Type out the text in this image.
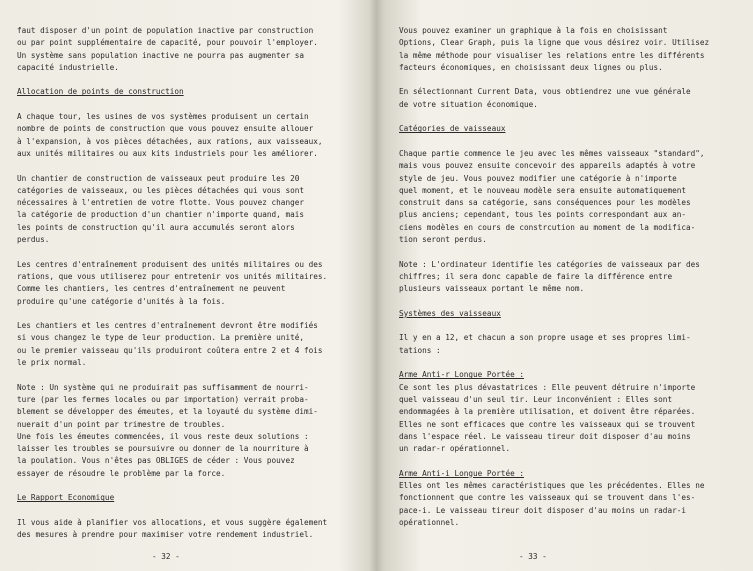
faut disposer d'un point de population inactive par construction
ou par point supplémentaire de capacité, pour pouvoir l'employer.
Un système sans population inactive ne pourra pas augmenter sa
capacité industrielle.

Allocation de points de construction

A chaque tour, les usines de vos systèmes produisent un certain
nombre de points de construction que vous pouvez ensuite allouer
à l'expansion, à vos pièces détachées, aux rations, aux vaisseaux,
aux unités militaires ou aux kits industriels pour les améliorer.

Un chantier de construction de vaisseaux peut produire les 20
catégories de vaisseaux, ou les pièces détachées qui vous sont
nécessaires à l'entretien de votre flotte. Vous pouvez changer
la catégorie de production d'un chantier n'importe quand, mais
les points de construction qu'il aura accumulés seront alors
perdus.

Les centres d'entraînement produisent des unités militaires ou des
rations, que vous utiliserez pour entretenir vos unités militaires.
Comme les chantiers, les centres d'entraînement ne peuvent
produire qu'une catégorie d'unités à la fois.

Les chantiers et les centres d'entraînement devront être modifiés
si vous changez le type de leur production. La première unité,
ou le premier vaisseau qu'ils produiront coûtera entre 2 et 4 fois
le prix normal.

Note : Un système qui ne produirait pas suffisamment de nourri-
ture (par les fermes locales ou par importation) verrait proba-
blement se développer des émeutes, et la loyauté du système dimi-
nuerait d'un point par trimestre de troubles.
Une fois les émeutes commencées, il vous reste deux solutions :
laisser les troubles se poursuivre ou donner de la nourriture à
la poulation. Vous n'êtes pas OBLIGES de céder : Vous pouvez
essayer de résoudre le problème par la force.

Le Rapport Economique

Il vous aide à planifier vos allocations, et vous suggère également
des mesures à prendre pour maximiser votre rendement industriel.

- 32 -

Vous pouvez examiner un graphique à la fois en choisissant
Options, Clear Graph, puis la ligne que vous désirez voir. Utilisez
la même méthode pour visualiser les relations entre les différents
facteurs économiques, en choisissant deux lignes ou plus.

En sélectionnant Current Data, vous obtiendrez une vue générale
de votre situation économique.

Catégories de vaisseaux

Chaque partie commence le jeu avec les mêmes vaisseaux "standard",
mais vous pouvez ensuite concevoir des appareils adaptés à votre
style de jeu. Vous pouvez modifier une catégorie à n'importe
quel moment, et le nouveau modèle sera ensuite automatiquement
construit dans sa catégorie, sans conséquences pour les modèles
plus anciens; cependant, tous les points correspondant aux an-
ciens modèles en cours de constrcution au moment de la modifica-
tion seront perdus.

Note : L'ordinateur identifie les catégories de vaisseaux par des
chiffres; il sera donc capable de faire la différence entre
plusieurs vaisseaux portant le même nom.

Systèmes des vaisseaux

Il y en a 12, et chacun a son propre usage et ses propres limi-
tations :

Arme Anti-r Longue Portée :

Ce sont les plus dévastatrices : Elle peuvent détruire n'importe
quel vaisseau d'un seul tir. Leur inconvénient : Elles sont
endommagées à la première utilisation, et doivent être réparées.
Elles ne sont efficaces que contre les vaisseaux qui se trouvent
dans l'espace réel. Le vaisseau tireur doit disposer d'au moins
un radar-r opérationnel.

Arme Anti-i Longue Portée :

Elles ont les mêmes caractéristiques que les précédentes. Elles ne
fonctionnent que contre les vaisseaux qui se trouvent dans l'es-
pace-i. Le vaisseau tireur doit disposer d'au moins un radar-i
opérationnel.

- 33 -
